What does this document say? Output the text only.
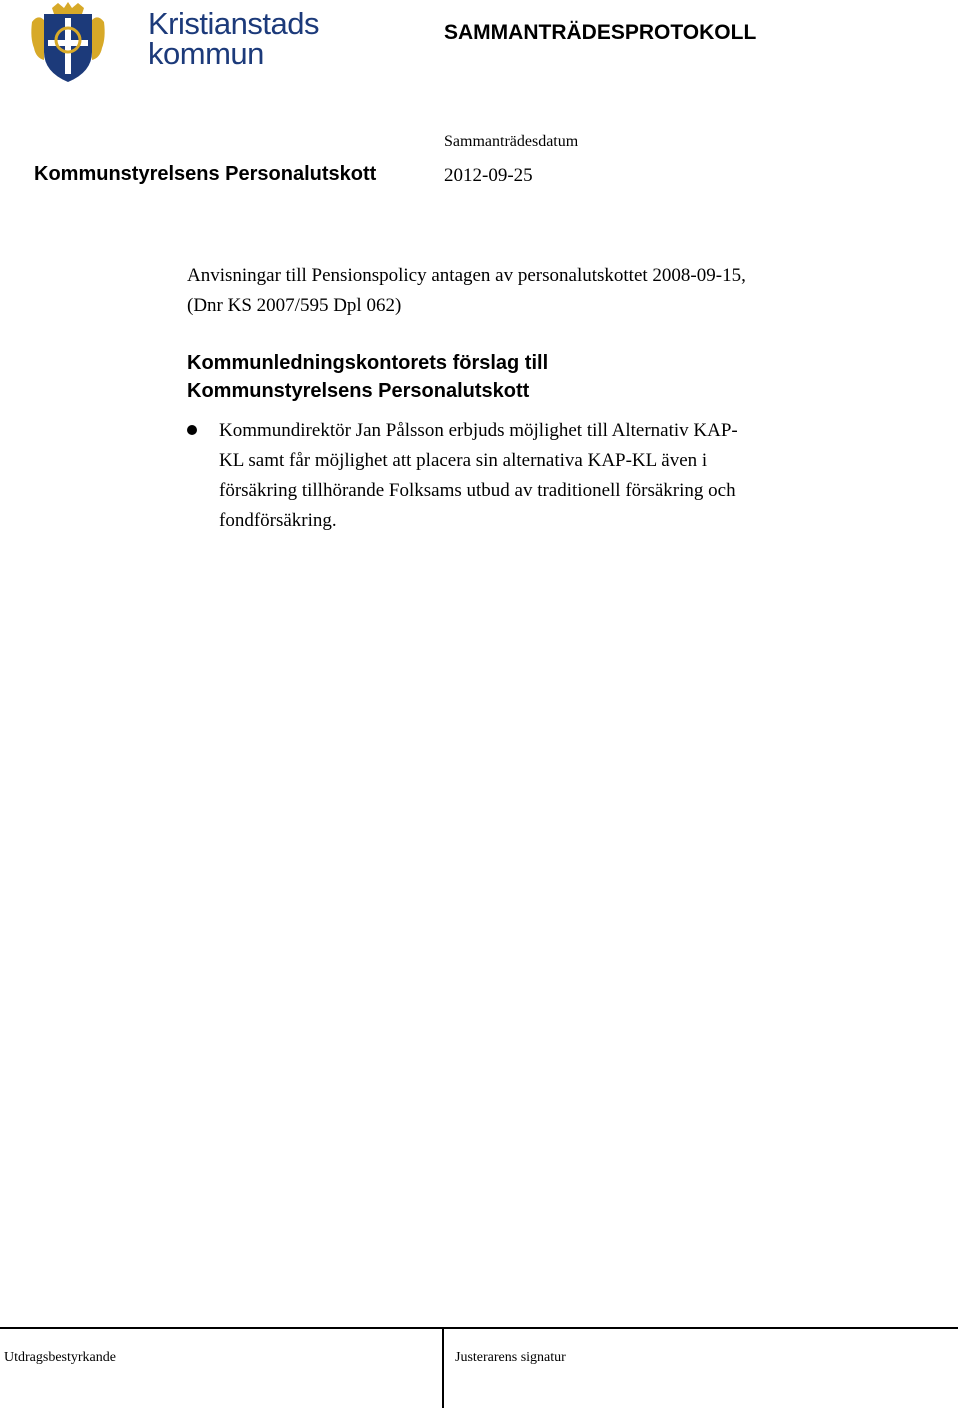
Kristianstads
kommun
SAMMANTRÄDESPROTOKOLL
Sammanträdesdatum
Kommunstyrelsens Personalutskott	2012-09-25
Anvisningar till Pensionspolicy antagen av personalutskottet 2008-09-15,
(Dnr KS 2007/595 Dpl 062)
Kommunledningskontorets förslag till
Kommunstyrelsens Personalutskott
Kommundirektör Jan Pålsson erbjuds möjlighet till Alternativ KAP-
KL samt får möjlighet att placera sin alternativa KAP-KL även i
försäkring tillhörande Folksams utbud av traditionell försäkring och
fondförsäkring.
Utdragsbestyrkande	Justerarens signatur
